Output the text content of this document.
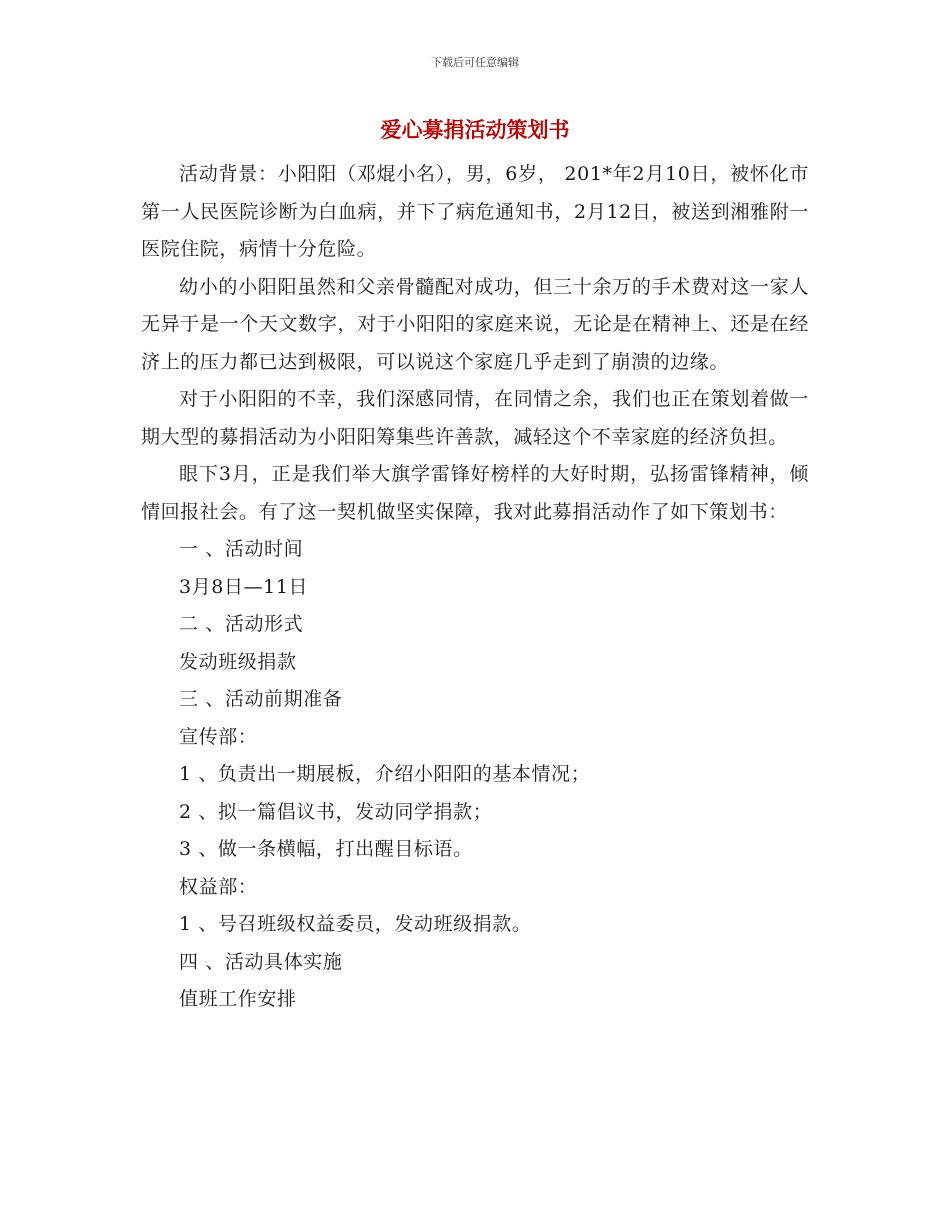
下载后可任意编辑
爱心募捐活动策划书

活动背景：小阳阳（邓焜小名），男，6岁， 201*年2月10日，被怀化市第一人民医院诊断为白血病，并下了病危通知书，2月12日，被送到湘雅附一医院住院，病情十分危险。

幼小的小阳阳虽然和父亲骨髓配对成功，但三十余万的手术费对这一家人无异于是一个天文数字，对于小阳阳的家庭来说，无论是在精神上、还是在经济上的压力都已达到极限，可以说这个家庭几乎走到了崩溃的边缘。

对于小阳阳的不幸，我们深感同情，在同情之余，我们也正在策划着做一期大型的募捐活动为小阳阳筹集些许善款，减轻这个不幸家庭的经济负担。

眼下3月，正是我们举大旗学雷锋好榜样的大好时期，弘扬雷锋精神，倾情回报社会。有了这一契机做坚实保障，我对此募捐活动作了如下策划书：

一 、活动时间

3月8日—11日

二 、活动形式

发动班级捐款

三 、活动前期准备

宣传部：

1 、负责出一期展板，介绍小阳阳的基本情况；

2 、拟一篇倡议书，发动同学捐款；

3 、做一条横幅，打出醒目标语。

权益部：

1 、号召班级权益委员，发动班级捐款。

四 、活动具体实施

值班工作安排
